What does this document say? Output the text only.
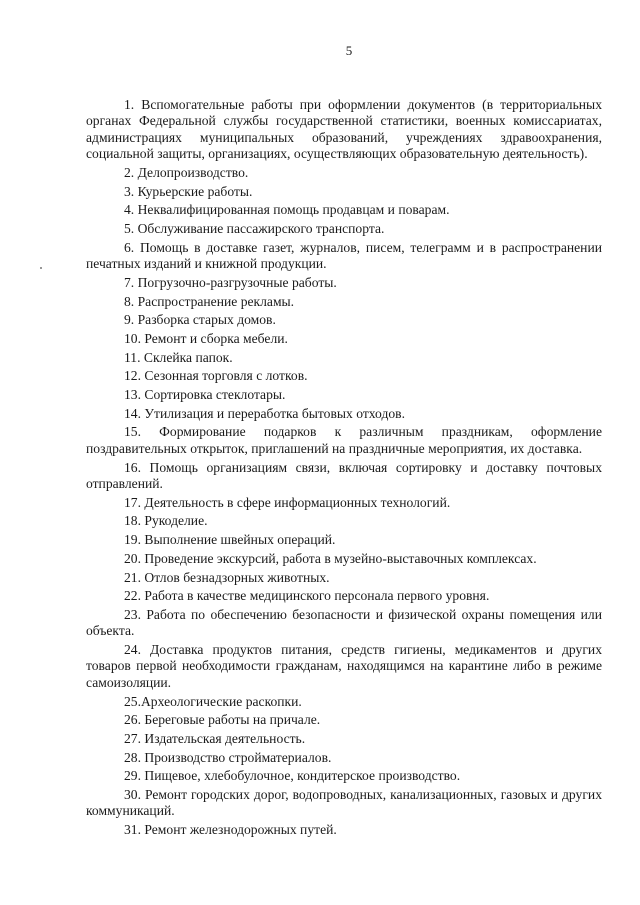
5
1. Вспомогательные работы при оформлении документов (в территориальных органах Федеральной службы государственной статистики, военных комиссариатах, администрациях муниципальных образований, учреждениях здравоохранения, социальной защиты, организациях, осуществляющих образовательную деятельность).
2. Делопроизводство.
3. Курьерские работы.
4. Неквалифицированная помощь продавцам и поварам.
5. Обслуживание пассажирского транспорта.
6. Помощь в доставке газет, журналов, писем, телеграмм и в распространении печатных изданий и книжной продукции.
7. Погрузочно-разгрузочные работы.
8. Распространение рекламы.
9. Разборка старых домов.
10. Ремонт и сборка мебели.
11. Склейка папок.
12. Сезонная торговля с лотков.
13. Сортировка стеклотары.
14. Утилизация и переработка бытовых отходов.
15. Формирование подарков к различным праздникам, оформление поздравительных открыток, приглашений на праздничные мероприятия, их доставка.
16. Помощь организациям связи, включая сортировку и доставку почтовых отправлений.
17. Деятельность в сфере информационных технологий.
18. Рукоделие.
19. Выполнение швейных операций.
20. Проведение экскурсий, работа в музейно-выставочных комплексах.
21. Отлов безнадзорных животных.
22. Работа в качестве медицинского персонала первого уровня.
23. Работа по обеспечению безопасности и физической охраны помещения или объекта.
24. Доставка продуктов питания, средств гигиены, медикаментов и других товаров первой необходимости гражданам, находящимся на карантине либо в режиме самоизоляции.
25.Археологические раскопки.
26. Береговые работы на причале.
27. Издательская деятельность.
28. Производство стройматериалов.
29. Пищевое, хлебобулочное, кондитерское производство.
30. Ремонт городских дорог, водопроводных, канализационных, газовых и других коммуникаций.
31. Ремонт железнодорожных путей.
